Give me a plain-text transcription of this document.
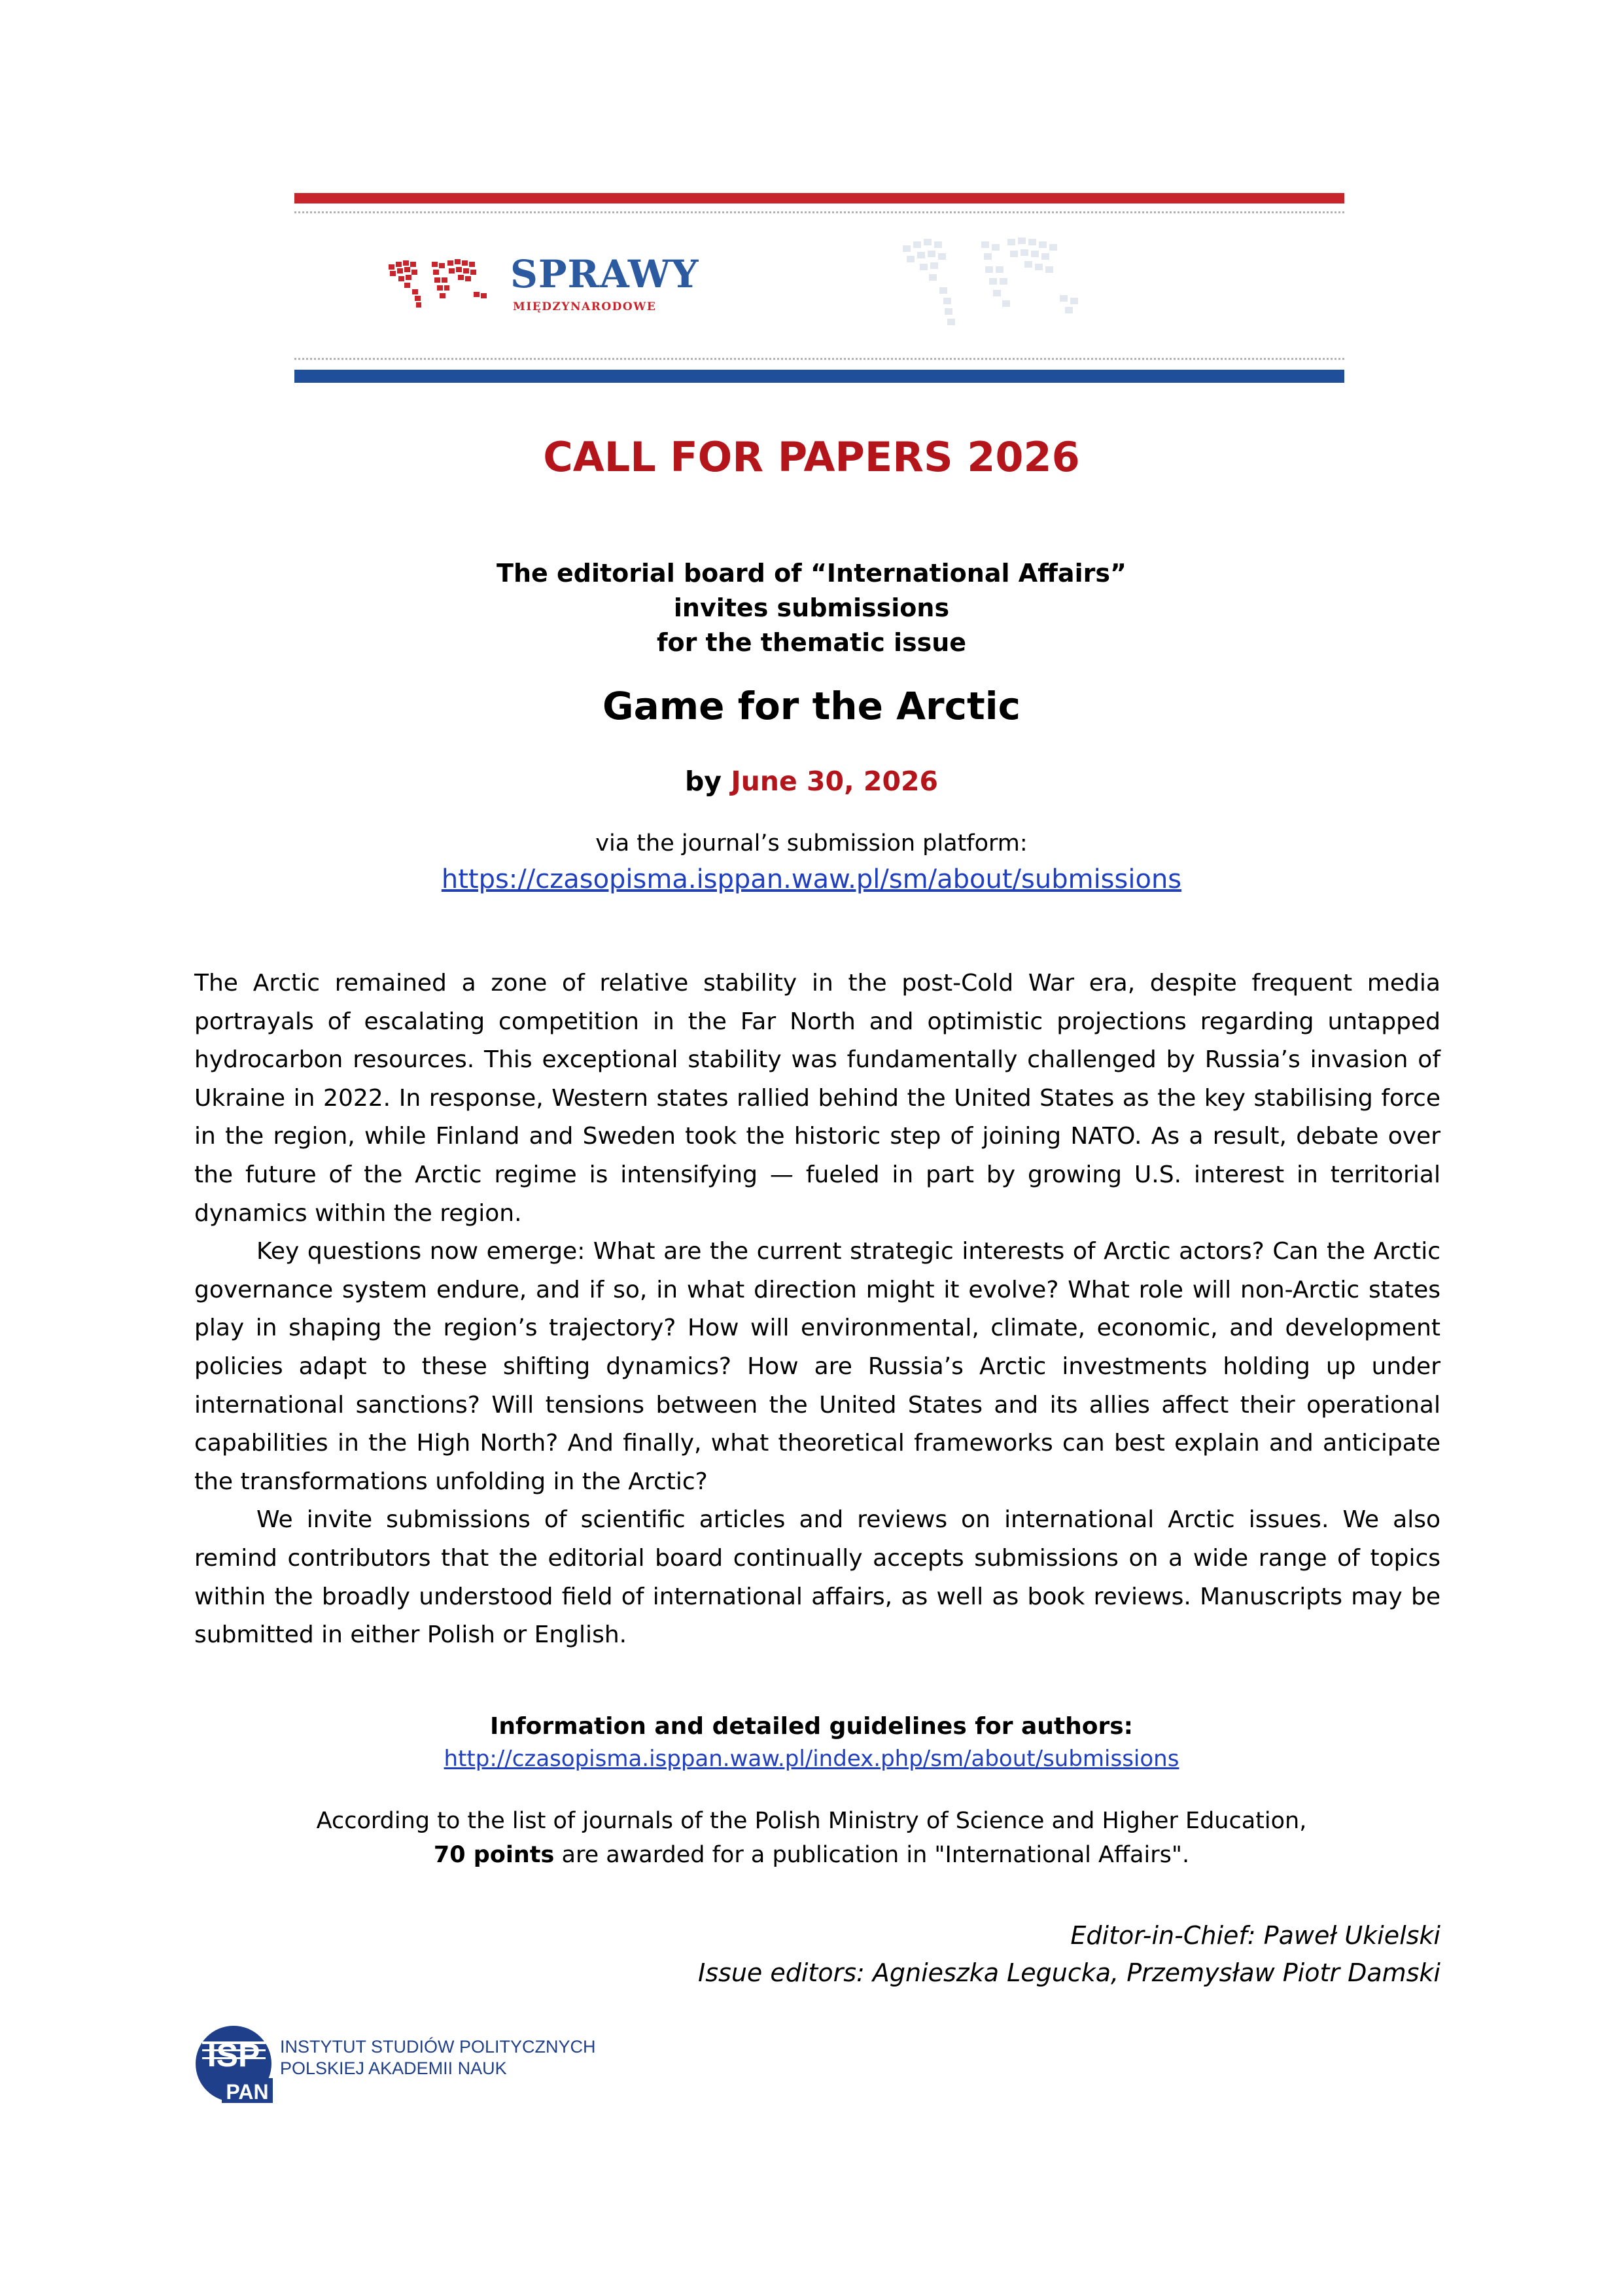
SPRAWY
MIĘDZYNARODOWE
CALL FOR PAPERS 2026
The editorial board of “International Affairs”
invites submissions
for the thematic issue
Game for the Arctic
by June 30, 2026
via the journal’s submission platform:
https://czasopisma.isppan.waw.pl/sm/about/submissions

The Arctic remained a zone of relative stability in the post-Cold War era, despite frequent media portrayals of escalating competition in the Far North and optimistic projections regarding untapped hydrocarbon resources. This exceptional stability was fundamentally challenged by Russia’s invasion of Ukraine in 2022. In response, Western states rallied behind the United States as the key stabilising force in the region, while Finland and Sweden took the historic step of joining NATO. As a result, debate over the future of the Arctic regime is intensifying — fueled in part by growing U.S. interest in territorial dynamics within the region.

Key questions now emerge: What are the current strategic interests of Arctic actors? Can the Arctic governance system endure, and if so, in what direction might it evolve? What role will non-Arctic states play in shaping the region’s trajectory? How will environmental, climate, economic, and development policies adapt to these shifting dynamics? How are Russia’s Arctic investments holding up under international sanctions? Will tensions between the United States and its allies affect their operational capabilities in the High North? And finally, what theoretical frameworks can best explain and anticipate the transformations unfolding in the Arctic?

We invite submissions of scientific articles and reviews on international Arctic issues. We also remind contributors that the editorial board continually accepts submissions on a wide range of topics within the broadly understood field of international affairs, as well as book reviews. Manuscripts may be submitted in either Polish or English.

Information and detailed guidelines for authors:
http://czasopisma.isppan.waw.pl/index.php/sm/about/submissions
According to the list of journals of the Polish Ministry of Science and Higher Education,
70 points are awarded for a publication in "International Affairs".
Editor-in-Chief: Paweł Ukielski
Issue editors: Agnieszka Legucka, Przemysław Piotr Damski
ISP
PAN
INSTYTUT STUDIÓW POLITYCZNYCH
POLSKIEJ AKADEMII NAUK
